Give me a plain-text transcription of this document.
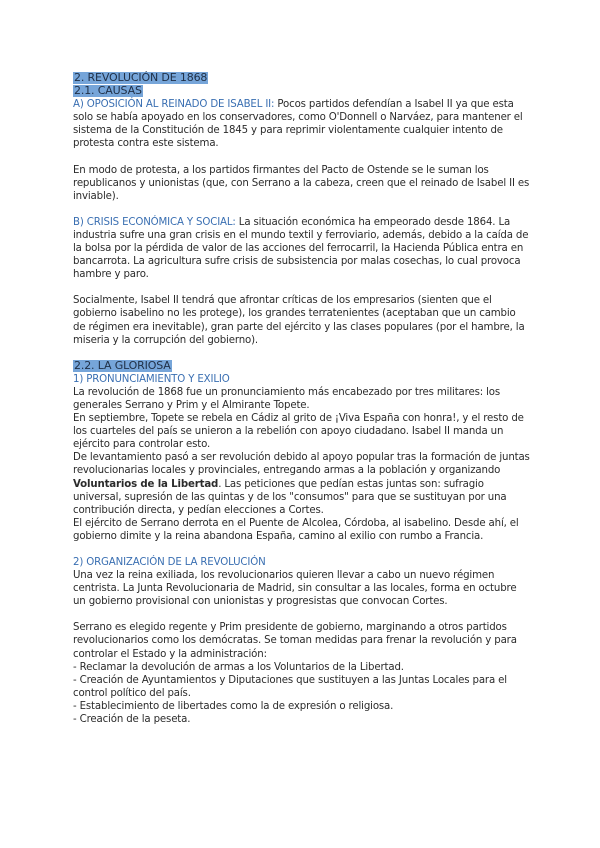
2. REVOLUCIÓN DE 1868
2.1. CAUSAS

A) OPOSICIÓN AL REINADO DE ISABEL II: Pocos partidos defendían a Isabel II ya que esta solo se había apoyado en los conservadores, como O'Donnell o Narváez, para mantener el sistema de la Constitución de 1845 y para reprimir violentamente cualquier intento de protesta contra este sistema.

En modo de protesta, a los partidos firmantes del Pacto de Ostende se le suman los republicanos y unionistas (que, con Serrano a la cabeza, creen que el reinado de Isabel II es inviable).

B) CRISIS ECONÓMICA Y SOCIAL: La situación económica ha empeorado desde 1864. La industria sufre una gran crisis en el mundo textil y ferroviario, además, debido a la caída de la bolsa por la pérdida de valor de las acciones del ferrocarril, la Hacienda Pública entra en bancarrota. La agricultura sufre crisis de subsistencia por malas cosechas, lo cual provoca hambre y paro.

Socialmente, Isabel II tendrá que afrontar críticas de los empresarios (sienten que el gobierno isabelino no les protege), los grandes terratenientes (aceptaban que un cambio de régimen era inevitable), gran parte del ejército y las clases populares (por el hambre, la miseria y la corrupción del gobierno).

2.2. LA GLORIOSA

1) PRONUNCIAMIENTO Y EXILIO

La revolución de 1868 fue un pronunciamiento más encabezado por tres militares: los generales Serrano y Prim y el Almirante Topete.

En septiembre, Topete se rebela en Cádiz al grito de ¡Viva España con honra!, y el resto de los cuarteles del país se unieron a la rebelión con apoyo ciudadano. Isabel II manda un ejército para controlar esto.

De levantamiento pasó a ser revolución debido al apoyo popular tras la formación de juntas revolucionarias locales y provinciales, entregando armas a la población y organizando Voluntarios de la Libertad. Las peticiones que pedían estas juntas son: sufragio universal, supresión de las quintas y de los "consumos" para que se sustituyan por una contribución directa, y pedían elecciones a Cortes.

El ejército de Serrano derrota en el Puente de Alcolea, Córdoba, al isabelino. Desde ahí, el gobierno dimite y la reina abandona España, camino al exilio con rumbo a Francia.

2) ORGANIZACIÓN DE LA REVOLUCIÓN

Una vez la reina exiliada, los revolucionarios quieren llevar a cabo un nuevo régimen centrista. La Junta Revolucionaria de Madrid, sin consultar a las locales, forma en octubre un gobierno provisional con unionistas y progresistas que convocan Cortes.

Serrano es elegido regente y Prim presidente de gobierno, marginando a otros partidos revolucionarios como los demócratas. Se toman medidas para frenar la revolución y para controlar el Estado y la administración:

- Reclamar la devolución de armas a los Voluntarios de la Libertad.

- Creación de Ayuntamientos y Diputaciones que sustituyen a las Juntas Locales para el control político del país.

- Establecimiento de libertades como la de expresión o religiosa.

- Creación de la peseta.
